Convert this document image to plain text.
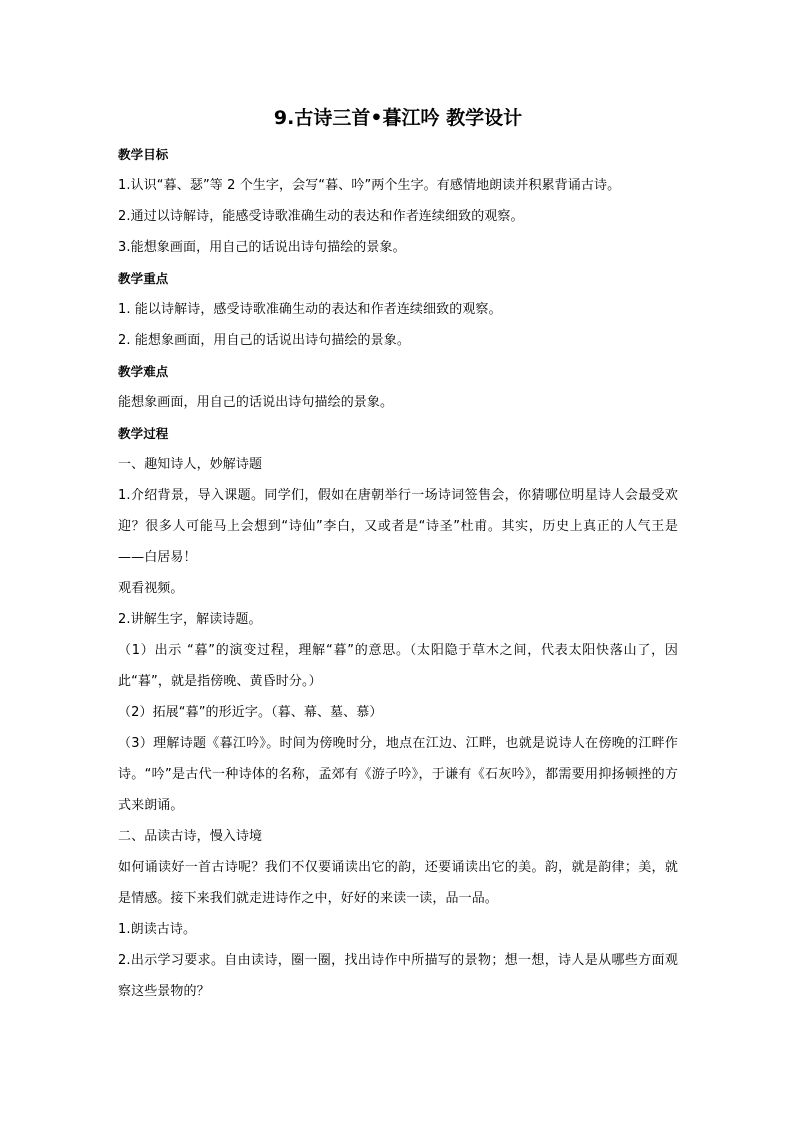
9.古诗三首•暮江吟 教学设计

教学目标

1.认识“暮、瑟”等 2 个生字，会写“暮、吟”两个生字。有感情地朗读并积累背诵古诗。

2.通过以诗解诗，能感受诗歌准确生动的表达和作者连续细致的观察。

3.能想象画面，用自己的话说出诗句描绘的景象。

教学重点

1. 能以诗解诗，感受诗歌准确生动的表达和作者连续细致的观察。

2. 能想象画面，用自己的话说出诗句描绘的景象。

教学难点

能想象画面，用自己的话说出诗句描绘的景象。

教学过程

一、趣知诗人，妙解诗题

1.介绍背景，导入课题。同学们，假如在唐朝举行一场诗词签售会，你猜哪位明星诗人会最受欢迎？很多人可能马上会想到“诗仙”李白，又或者是“诗圣”杜甫。其实，历史上真正的人气王是——白居易！

观看视频。

2.讲解生字，解读诗题。

（1）出示 “暮”的演变过程，理解“暮”的意思。（太阳隐于草木之间，代表太阳快落山了，因此“暮”，就是指傍晚、黄昏时分。）

（2）拓展“暮”的形近字。（暮、幕、墓、慕）

（3）理解诗题《暮江吟》。时间为傍晚时分，地点在江边、江畔，也就是说诗人在傍晚的江畔作诗。“吟”是古代一种诗体的名称，孟郊有《游子吟》，于谦有《石灰吟》，都需要用抑扬顿挫的方式来朗诵。

二、品读古诗，慢入诗境

如何诵读好一首古诗呢？我们不仅要诵读出它的韵，还要诵读出它的美。韵，就是韵律；美，就是情感。接下来我们就走进诗作之中，好好的来读一读，品一品。

1.朗读古诗。

2.出示学习要求。自由读诗，圈一圈，找出诗作中所描写的景物；想一想，诗人是从哪些方面观察这些景物的？
